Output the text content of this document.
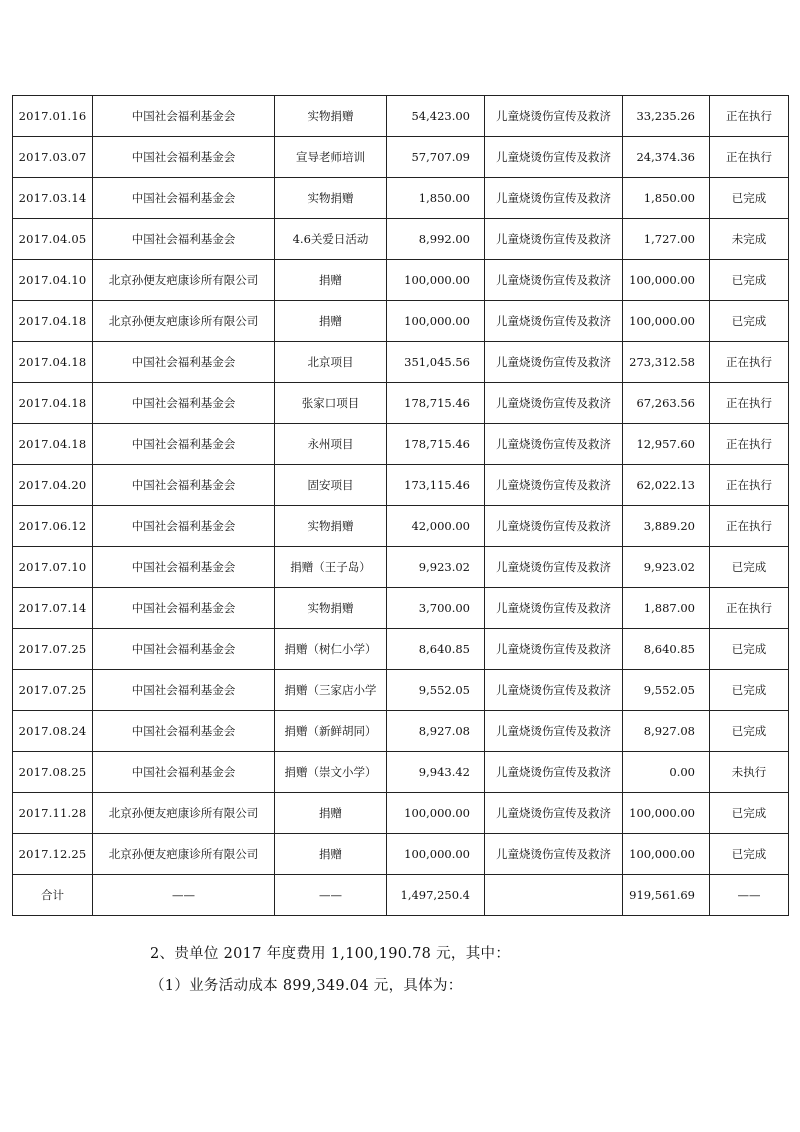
2017.01.16	中国社会福利基金会	实物捐赠	54,423.00	儿童烧烫伤宣传及救济	33,235.26	正在执行
2017.03.07	中国社会福利基金会	宣导老师培训	57,707.09	儿童烧烫伤宣传及救济	24,374.36	正在执行
2017.03.14	中国社会福利基金会	实物捐赠	1,850.00	儿童烧烫伤宣传及救济	1,850.00	已完成
2017.04.05	中国社会福利基金会	4.6关爱日活动	8,992.00	儿童烧烫伤宣传及救济	1,727.00	未完成
2017.04.10	北京孙便友疤康诊所有限公司	捐赠	100,000.00	儿童烧烫伤宣传及救济	100,000.00	已完成
2017.04.18	北京孙便友疤康诊所有限公司	捐赠	100,000.00	儿童烧烫伤宣传及救济	100,000.00	已完成
2017.04.18	中国社会福利基金会	北京项目	351,045.56	儿童烧烫伤宣传及救济	273,312.58	正在执行
2017.04.18	中国社会福利基金会	张家口项目	178,715.46	儿童烧烫伤宣传及救济	67,263.56	正在执行
2017.04.18	中国社会福利基金会	永州项目	178,715.46	儿童烧烫伤宣传及救济	12,957.60	正在执行
2017.04.20	中国社会福利基金会	固安项目	173,115.46	儿童烧烫伤宣传及救济	62,022.13	正在执行
2017.06.12	中国社会福利基金会	实物捐赠	42,000.00	儿童烧烫伤宣传及救济	3,889.20	正在执行
2017.07.10	中国社会福利基金会	捐赠（王子岛）	9,923.02	儿童烧烫伤宣传及救济	9,923.02	已完成
2017.07.14	中国社会福利基金会	实物捐赠	3,700.00	儿童烧烫伤宣传及救济	1,887.00	正在执行
2017.07.25	中国社会福利基金会	捐赠（树仁小学）	8,640.85	儿童烧烫伤宣传及救济	8,640.85	已完成
2017.07.25	中国社会福利基金会	捐赠（三家店小学	9,552.05	儿童烧烫伤宣传及救济	9,552.05	已完成
2017.08.24	中国社会福利基金会	捐赠（新鲜胡同）	8,927.08	儿童烧烫伤宣传及救济	8,927.08	已完成
2017.08.25	中国社会福利基金会	捐赠（崇文小学）	9,943.42	儿童烧烫伤宣传及救济	0.00	未执行
2017.11.28	北京孙便友疤康诊所有限公司	捐赠	100,000.00	儿童烧烫伤宣传及救济	100,000.00	已完成
2017.12.25	北京孙便友疤康诊所有限公司	捐赠	100,000.00	儿童烧烫伤宣传及救济	100,000.00	已完成
合计	——	——	1,497,250.4		919,561.69	——
2、贵单位 2017 年度费用 1,100,190.78 元，其中：
（1）业务活动成本 899,349.04 元，具体为：
